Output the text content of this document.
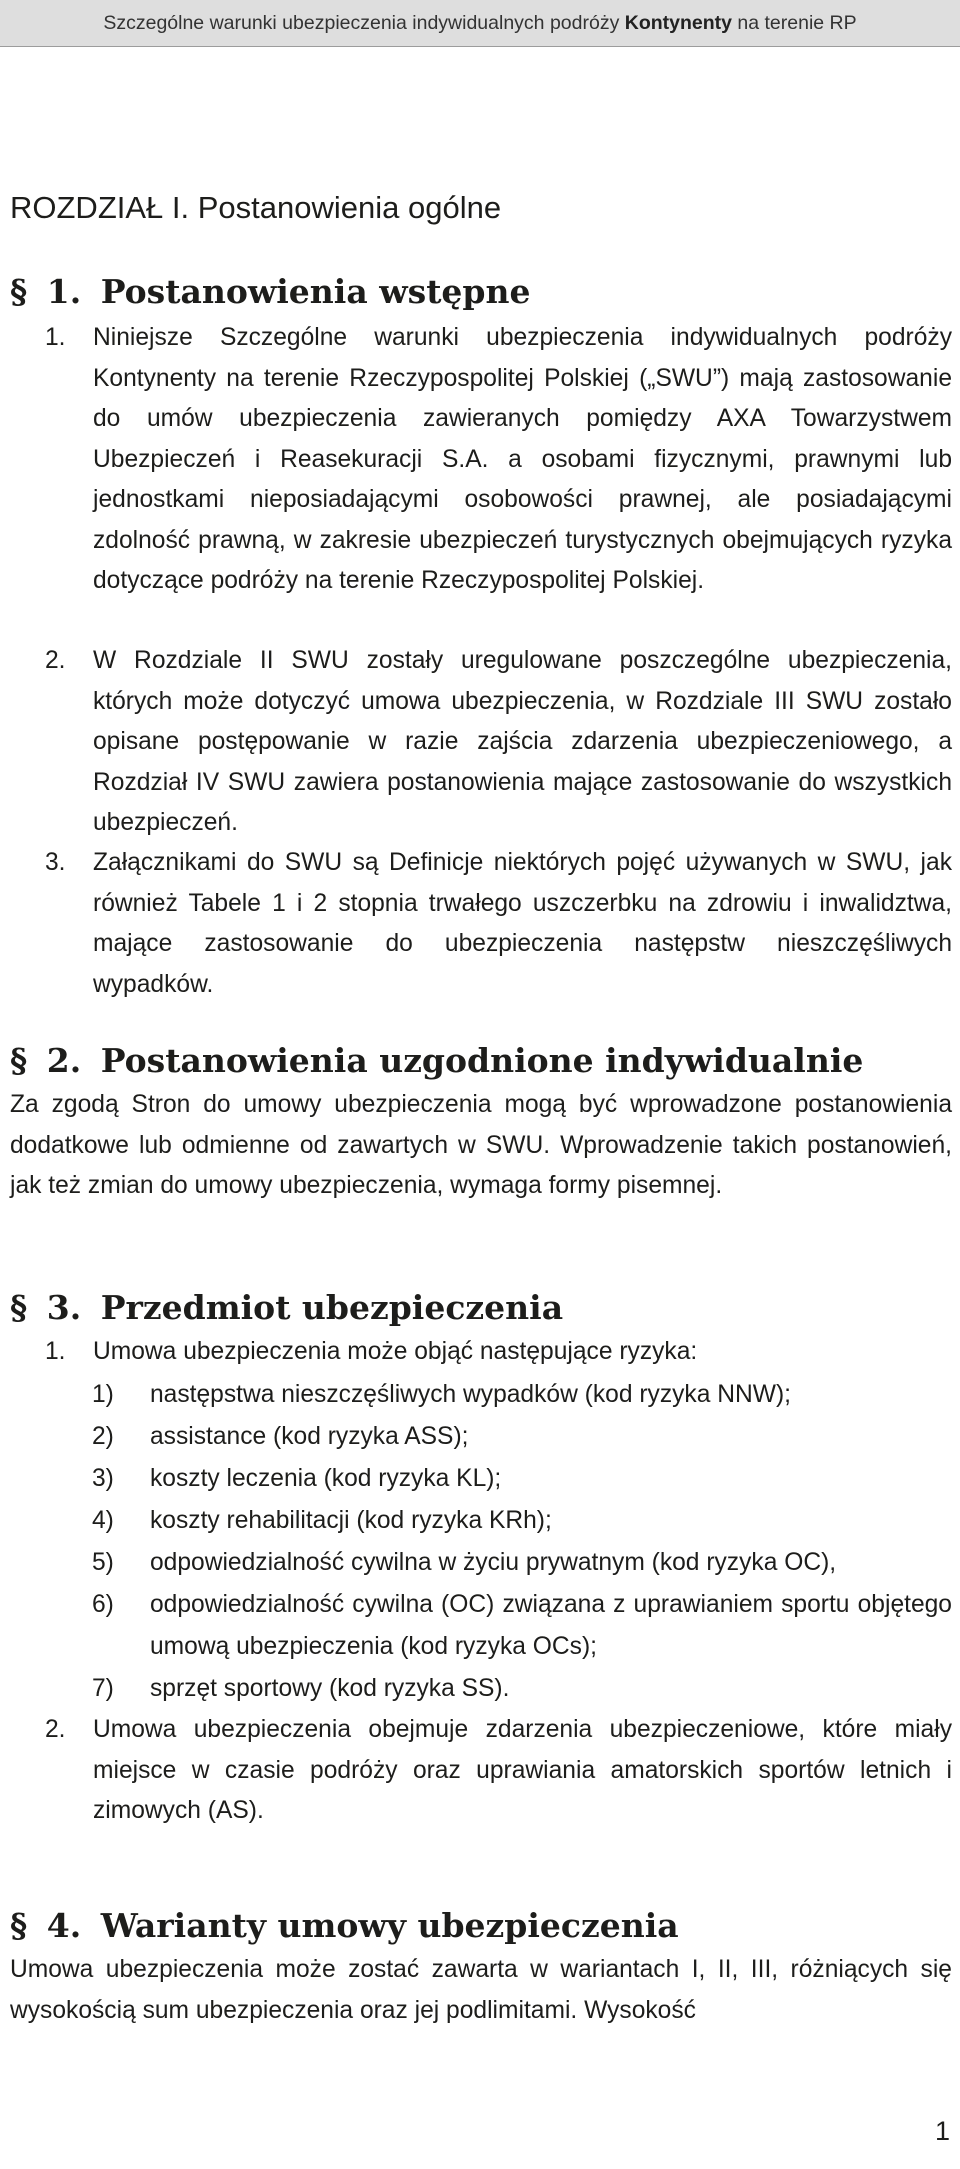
Szczególne warunki ubezpieczenia indywidualnych podróży Kontynenty na terenie RP
ROZDZIAŁ I. Postanowienia ogólne
§ 1. Postanowienia wstępne
1. Niniejsze Szczególne warunki ubezpieczenia indywidualnych podróży Kontynenty na terenie Rzeczypospolitej Polskiej („SWU”) mają zastosowanie do umów ubezpieczenia zawieranych pomiędzy AXA Towarzystwem Ubezpieczeń i Reasekuracji S.A. a osobami fizycznymi, prawnymi lub jednostkami nieposiadającymi osobowości prawnej, ale posiadającymi zdolność prawną, w zakresie ubezpieczeń turystycznych obejmujących ryzyka dotyczące podróży na terenie Rzeczypospolitej Polskiej.
2. W Rozdziale II SWU zostały uregulowane poszczególne ubezpieczenia, których może dotyczyć umowa ubezpieczenia, w Rozdziale III SWU zostało opisane postępowanie w razie zajścia zdarzenia ubezpieczeniowego, a Rozdział IV SWU zawiera postanowienia mające zastosowanie do wszystkich ubezpieczeń.
3. Załącznikami do SWU są Definicje niektórych pojęć używanych w SWU, jak również Tabele 1 i 2 stopnia trwałego uszczerbku na zdrowiu i inwalidztwa, mające zastosowanie do ubezpieczenia następstw nieszczęśliwych wypadków.
§ 2. Postanowienia uzgodnione indywidualnie

Za zgodą Stron do umowy ubezpieczenia mogą być wprowadzone postanowienia dodatkowe lub odmienne od zawartych w SWU. Wprowadzenie takich postanowień, jak też zmian do umowy ubezpieczenia, wymaga formy pisemnej.

§ 3. Przedmiot ubezpieczenia
1. Umowa ubezpieczenia może objąć następujące ryzyka:
1) następstwa nieszczęśliwych wypadków (kod ryzyka NNW);
2) assistance (kod ryzyka ASS);
3) koszty leczenia (kod ryzyka KL);
4) koszty rehabilitacji (kod ryzyka KRh);
5) odpowiedzialność cywilna w życiu prywatnym (kod ryzyka OC),
6) odpowiedzialność cywilna (OC) związana z uprawianiem sportu objętego umową ubezpieczenia (kod ryzyka OCs);
7) sprzęt sportowy (kod ryzyka SS).
2. Umowa ubezpieczenia obejmuje zdarzenia ubezpieczeniowe, które miały miejsce w czasie podróży oraz uprawiania amatorskich sportów letnich i zimowych (AS).
§ 4. Warianty umowy ubezpieczenia

Umowa ubezpieczenia może zostać zawarta w wariantach I, II, III, różniących się wysokością sum ubezpieczenia oraz jej podlimitami. Wysokość

1
